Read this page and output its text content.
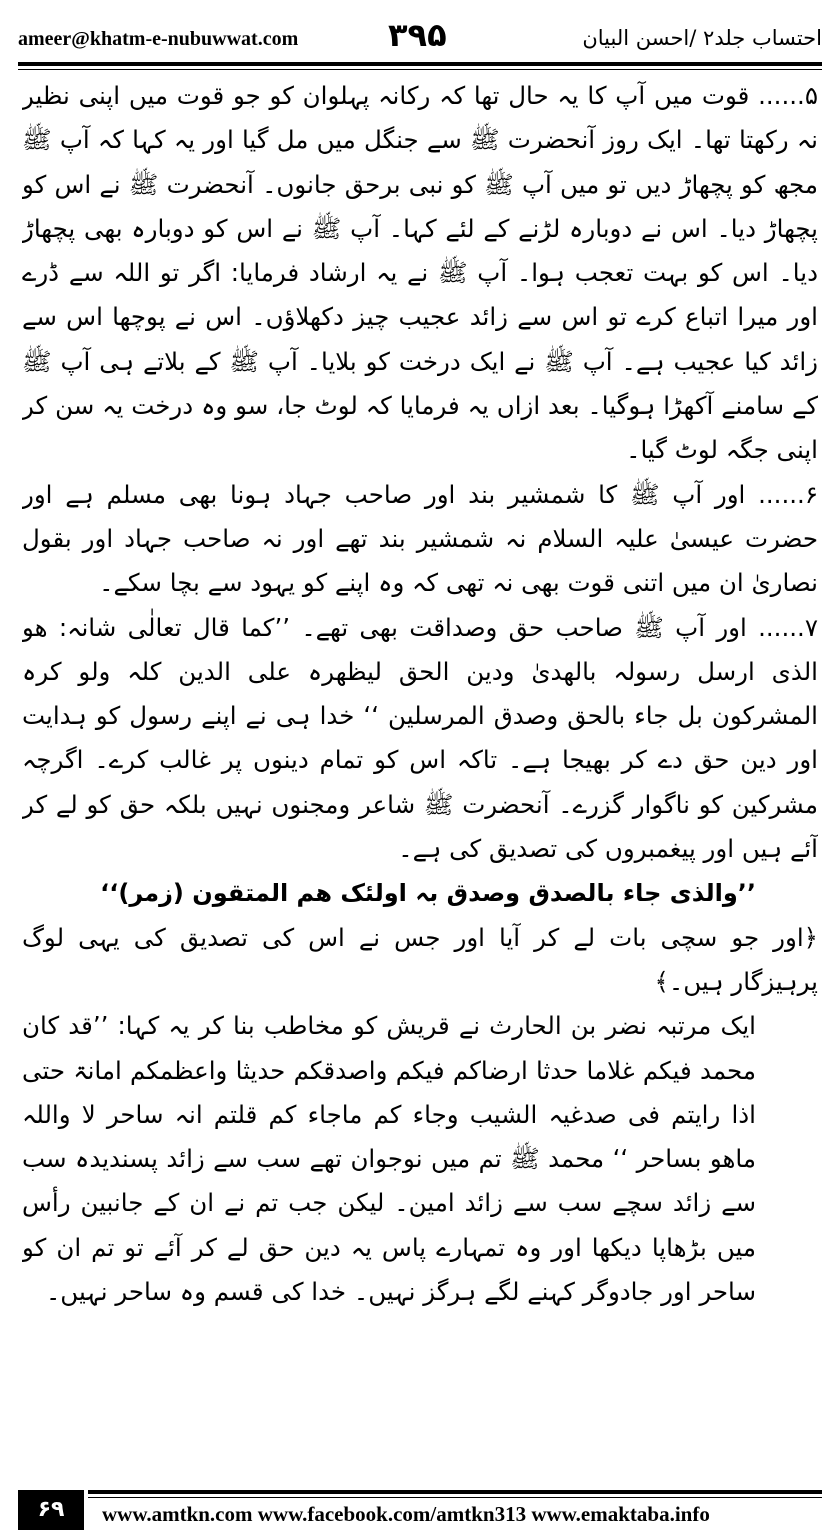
ameer@khatm-e-nubuwwat.com	۳۹۵	احتساب جلد۲ /احسن البیان

۵...... قوت میں آپ کا یہ حال تھا کہ رکانہ پہلوان کو جو قوت میں اپنی نظیر نہ رکھتا تھا۔ ایک روز آنحضرت ﷺ سے جنگل میں مل گیا اور یہ کہا کہ آپ ﷺ مجھ کو پچھاڑ دیں تو میں آپ ﷺ کو نبی برحق جانوں۔ آنحضرت ﷺ نے اس کو پچھاڑ دیا۔ اس نے دوبارہ لڑنے کے لئے کہا۔ آپ ﷺ نے اس کو دوبارہ بھی پچھاڑ دیا۔ اس کو بہت تعجب ہوا۔ آپ ﷺ نے یہ ارشاد فرمایا: اگر تو اللہ سے ڈرے اور میرا اتباع کرے تو اس سے زائد عجیب چیز دکھلاؤں۔ اس نے پوچھا اس سے زائد کیا عجیب ہے۔ آپ ﷺ نے ایک درخت کو بلایا۔ آپ ﷺ کے بلاتے ہی آپ ﷺ کے سامنے آکھڑا ہوگیا۔ بعد ازاں یہ فرمایا کہ لوٹ جا، سو وہ درخت یہ سن کر اپنی جگہ لوٹ گیا۔

۶...... اور آپ ﷺ کا شمشیر بند اور صاحب جہاد ہونا بھی مسلم ہے اور حضرت عیسیٰ علیہ السلام نہ شمشیر بند تھے اور نہ صاحب جہاد اور بقول نصاریٰ ان میں اتنی قوت بھی نہ تھی کہ وہ اپنے کو یہود سے بچا سکے۔

۷...... اور آپ ﷺ صاحب حق وصداقت بھی تھے۔ ’’کما قال تعالٰی شانہ: ھو الذی ارسل رسولہ بالھدیٰ ودین الحق لیظھرہ علی الدین کلہ ولو کرہ المشرکون بل جاء بالحق وصدق المرسلین ‘‘ خدا ہی نے اپنے رسول کو ہدایت اور دین حق دے کر بھیجا ہے۔ تاکہ اس کو تمام دینوں پر غالب کرے۔ اگرچہ مشرکین کو ناگوار گزرے۔ آنحضرت ﷺ شاعر ومجنوں نہیں بلکہ حق کو لے کر آئے ہیں اور پیغمبروں کی تصدیق کی ہے۔

’’والذی جاء بالصدق وصدق بہ اولئک ھم المتقون (زمر)‘‘

﴿اور جو سچی بات لے کر آیا اور جس نے اس کی تصدیق کی یہی لوگ پرہیزگار ہیں۔﴾

ایک مرتبہ نضر بن الحارث نے قریش کو مخاطب بنا کر یہ کہا: ’’قد کان محمد فیکم غلاما حدثا ارضاکم فیکم واصدقکم حدیثا واعظمکم امانۃ حتی اذا رایتم فی صدغیہ الشیب وجاء کم ماجاء کم قلتم انہ ساحر لا واللہ ماھو بساحر ‘‘ محمد ﷺ تم میں نوجوان تھے سب سے زائد پسندیدہ سب سے زائد سچے سب سے زائد امین۔ لیکن جب تم نے ان کے جانبین رأس میں بڑھاپا دیکھا اور وہ تمہارے پاس یہ دین حق لے کر آئے تو تم ان کو ساحر اور جادوگر کہنے لگے ہرگز نہیں۔ خدا کی قسم وہ ساحر نہیں۔

۶۹	www.amtkn.com www.facebook.com/amtkn313 www.emaktaba.info
